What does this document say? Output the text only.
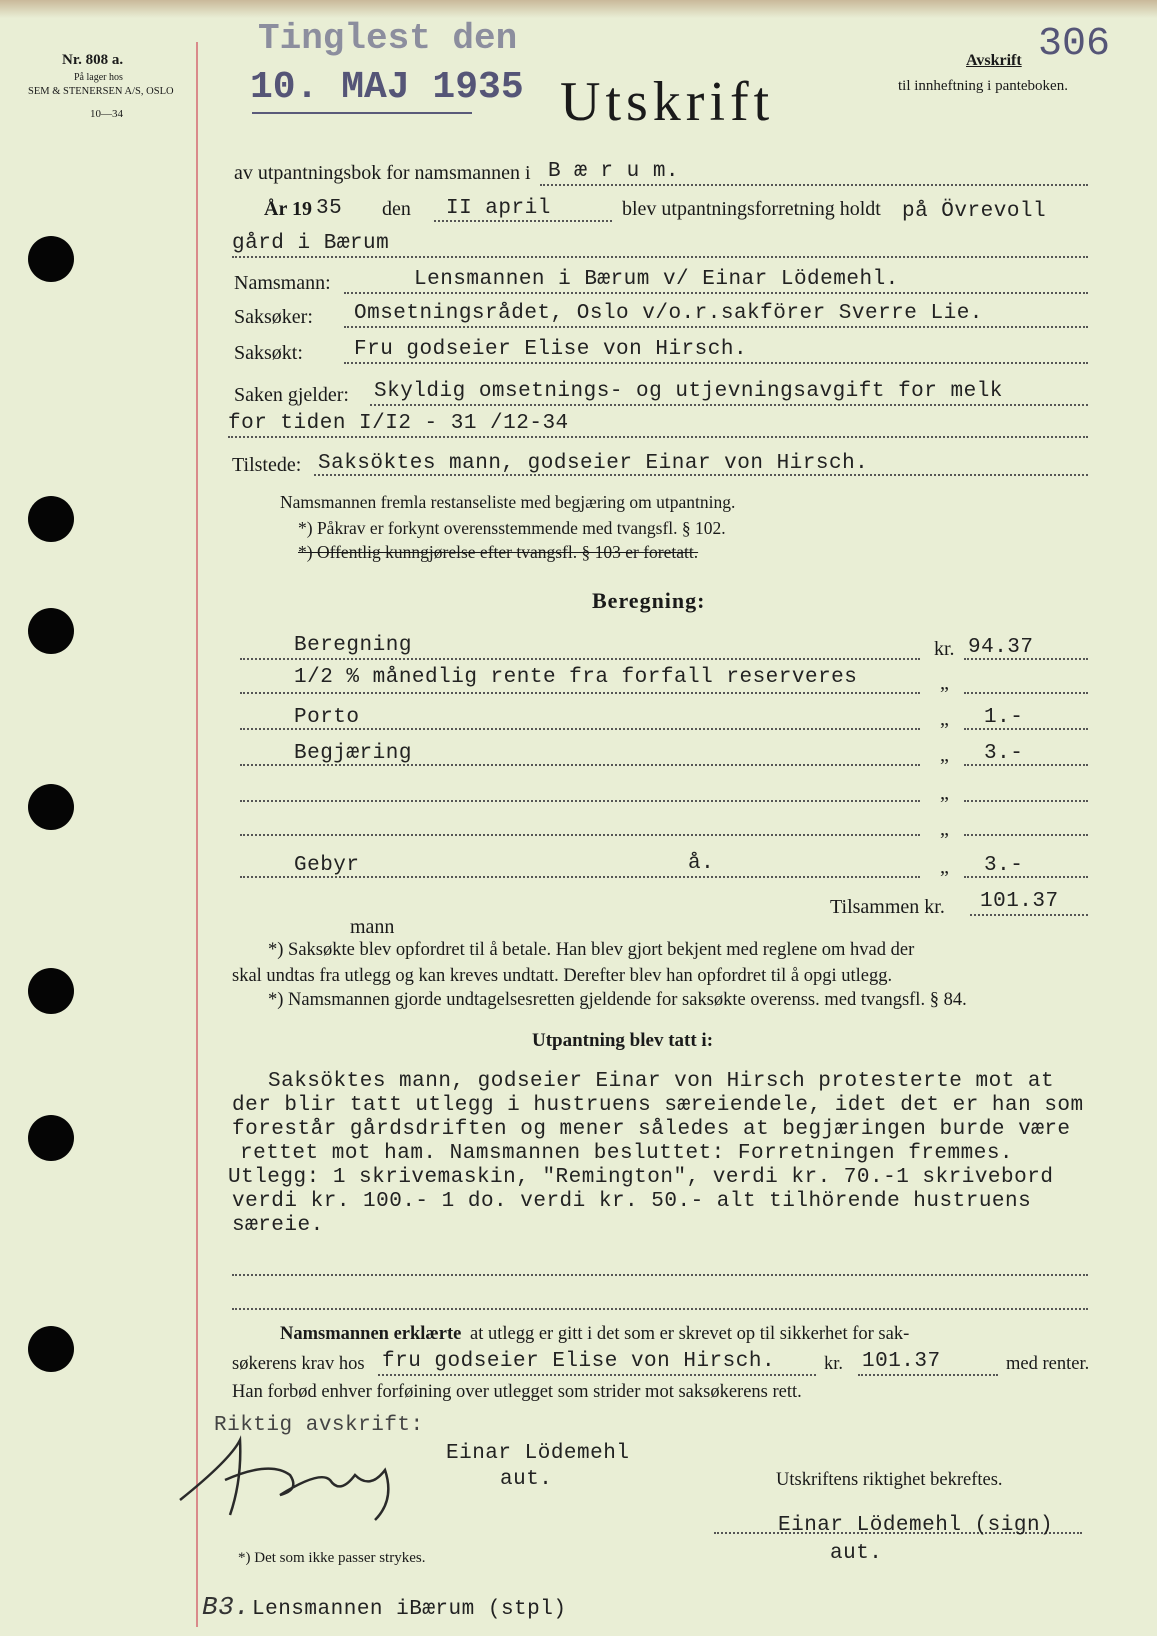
Nr. 808 a.
På lager hos
SEM & STENERSEN A/S, OSLO
10—34
Tinglest den
10. MAJ 1935 Utskrift
Avskrift 306
til innheftning i panteboken.
av utpantningsbok for namsmannen i B æ r u m.
År 19 35 den II april	blev utpantningsforretning holdt på Övrevoll
gård i Bærum
Namsmann:	Lensmannen i Bærum v/ Einar Lödemehl.
Saksøker: Omsetningsrådet, Oslo v/o.r.sakförer Sverre Lie.
Saksøkt: Fru godseier Elise von Hirsch.
Saken gjelder: Skyldig omsetnings- og utjevningsavgift for melk
for tiden I/I2 - 31 /12-34
Tilstede: Saksöktes mann, godseier Einar von Hirsch.
Namsmannen fremla restanseliste med begjæring om utpantning.
*) Påkrav er forkynt overensstemmende med tvangsfl. § 102.
*) Offentlig kunngjørelse efter tvangsfl. § 103 er foretatt.
Beregning:
Beregning	kr. 94.37
1/2 % månedlig rente fra forfall reserveres	„
Porto	„ 1.-
Begjæring	„ 3.-
„
„
Gebyr	å.	„ 3.-
Tilsammen kr. 101.37
mann
*) Saksøkte blev opfordret til å betale. Han blev gjort bekjent med reglene om hvad der
skal undtas fra utlegg og kan kreves undtatt. Derefter blev han opfordret til å opgi utlegg.
*) Namsmannen gjorde undtagelsesretten gjeldende for saksøkte overenss. med tvangsfl. § 84.
Utpantning blev tatt i:
Saksöktes mann, godseier Einar von Hirsch protesterte mot at
der blir tatt utlegg i hustruens særeiendele, idet det er han som
forestår gårdsdriften og mener således at begjæringen burde være
rettet mot ham. Namsmannen besluttet: Forretningen fremmes.
Utlegg: 1 skrivemaskin, "Remington", verdi kr. 70.-1 skrivebord
verdi kr. 100.- 1 do. verdi kr. 50.- alt tilhörende hustruens
særeie.
Namsmannen erklærte at utlegg er gitt i det som er skrevet op til sikkerhet for sak-
søkerens krav hos fru godseier Elise von Hirsch.	kr. 101.37	med renter.
Han forbød enhver forføining over utlegget som strider mot saksøkerens rett.
Riktig avskrift:
Einar Lödemehl
aut.	Utskriftens riktighet bekreftes.
Einar Lödemehl (sign)
aut.
*) Det som ikke passer strykes.
B3. Lensmannen iBærum (stpl)
